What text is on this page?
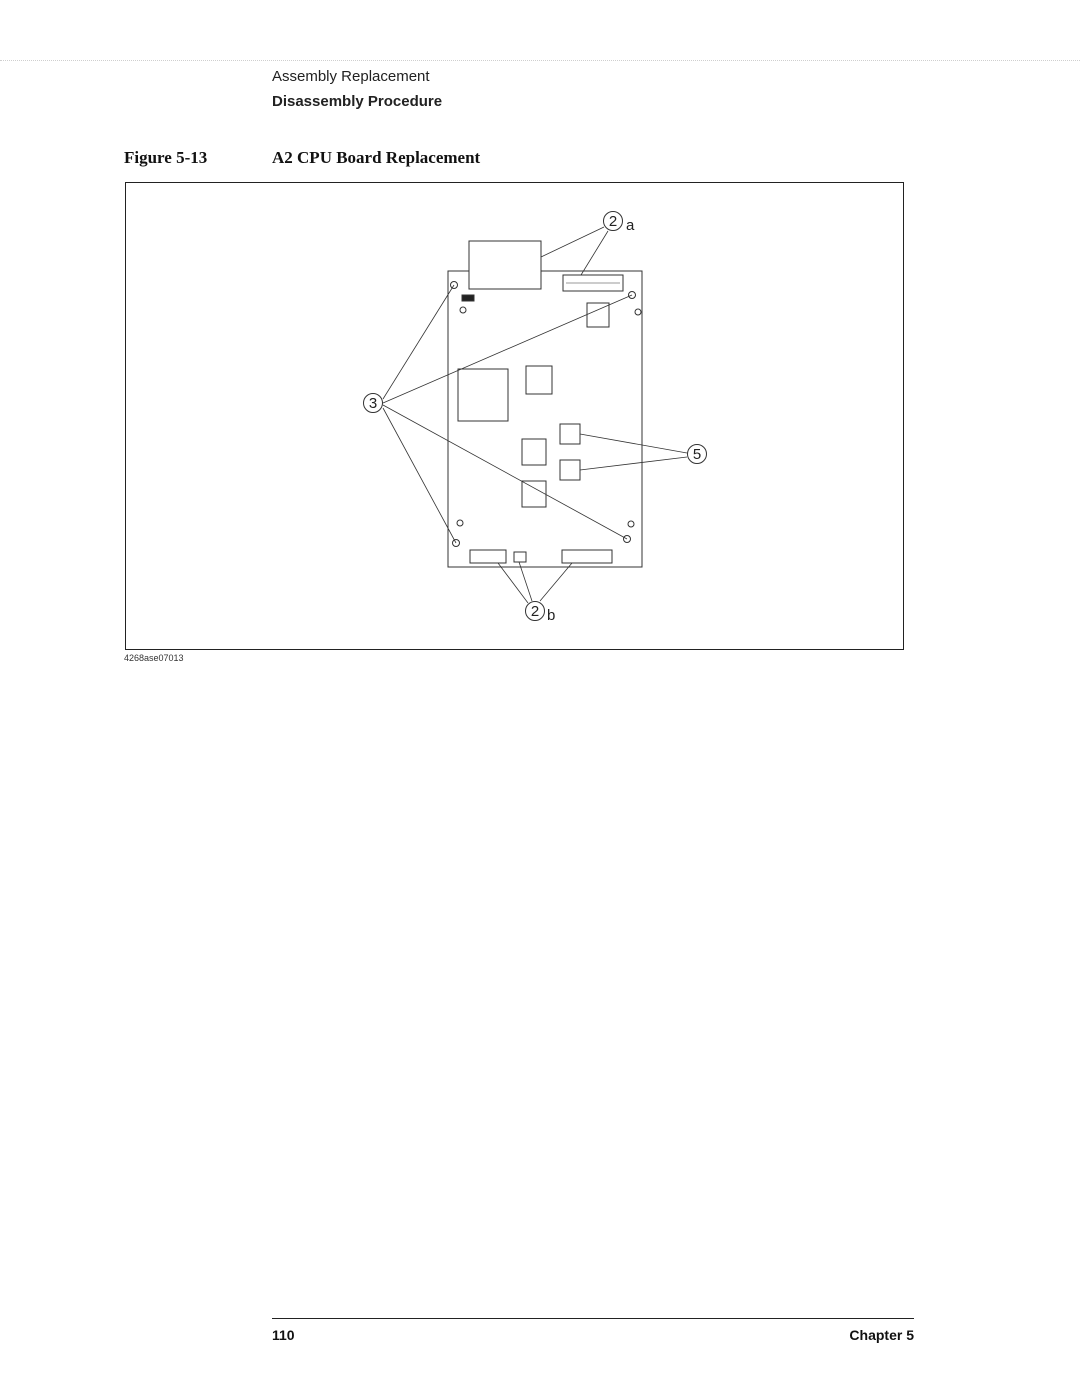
Assembly Replacement
Disassembly Procedure
Figure 5-13	A2 CPU Board Replacement
2 a
3
5
2 b
4268ase07013
110	Chapter 5
